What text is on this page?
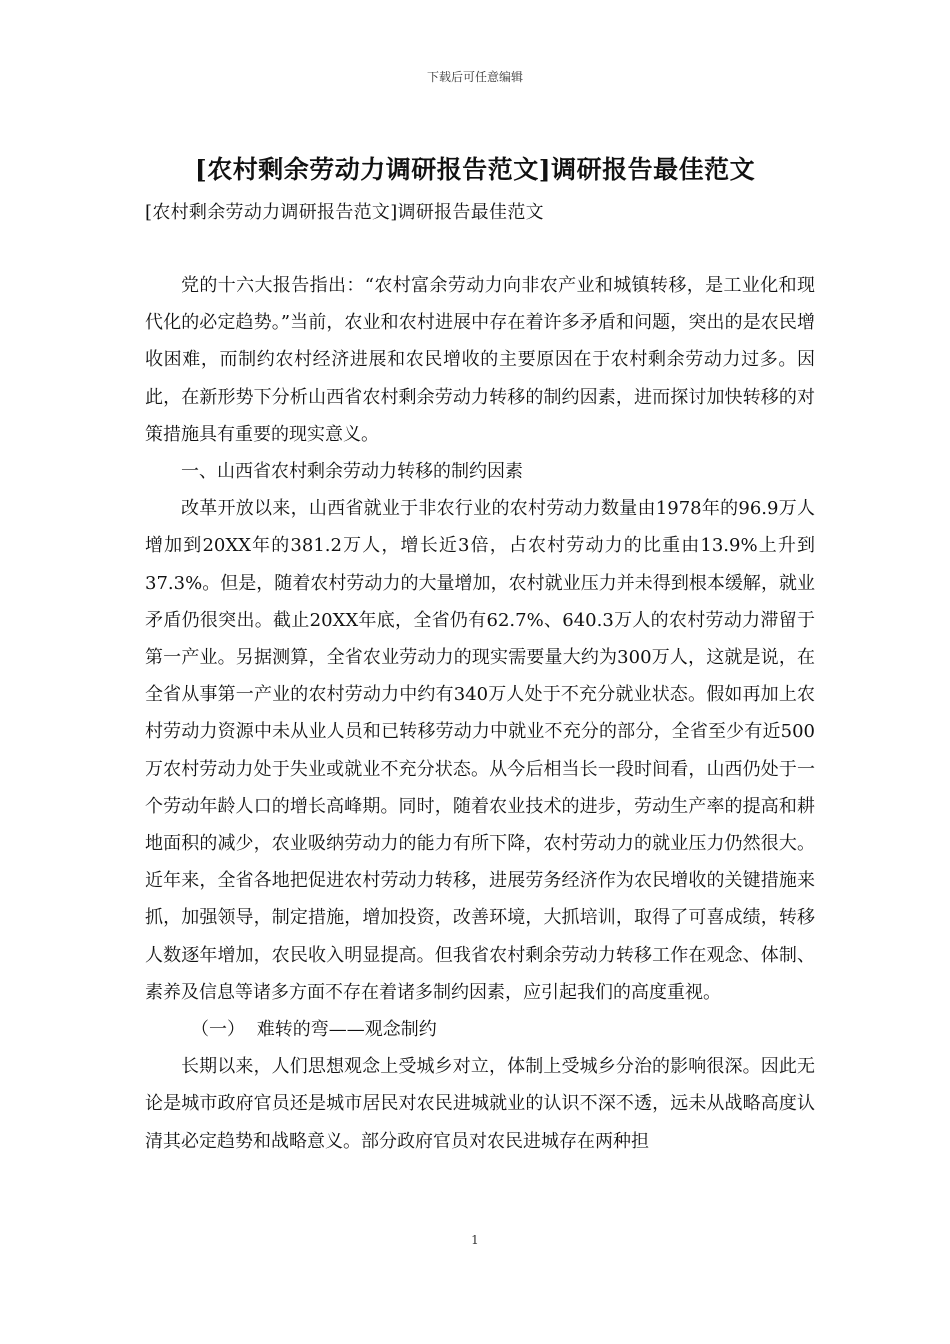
下载后可任意编辑
[农村剩余劳动力调研报告范文]调研报告最佳范文
[农村剩余劳动力调研报告范文]调研报告最佳范文

党的十六大报告指出：“农村富余劳动力向非农产业和城镇转移，是工业化和现代化的必定趋势。”当前，农业和农村进展中存在着许多矛盾和问题，突出的是农民增收困难，而制约农村经济进展和农民增收的主要原因在于农村剩余劳动力过多。因此，在新形势下分析山西省农村剩余劳动力转移的制约因素，进而探讨加快转移的对策措施具有重要的现实意义。

一、山西省农村剩余劳动力转移的制约因素

改革开放以来，山西省就业于非农行业的农村劳动力数量由1978年的96.9万人增加到20XX年的381.2万人，增长近3倍，占农村劳动力的比重由13.9%上升到37.3%。但是，随着农村劳动力的大量增加，农村就业压力并未得到根本缓解，就业矛盾仍很突出。截止20XX年底，全省仍有62.7%、640.3万人的农村劳动力滞留于第一产业。另据测算，全省农业劳动力的现实需要量大约为300万人，这就是说，在全省从事第一产业的农村劳动力中约有340万人处于不充分就业状态。假如再加上农村劳动力资源中未从业人员和已转移劳动力中就业不充分的部分，全省至少有近500万农村劳动力处于失业或就业不充分状态。从今后相当长一段时间看，山西仍处于一个劳动年龄人口的增长高峰期。同时，随着农业技术的进步，劳动生产率的提高和耕地面积的减少，农业吸纳劳动力的能力有所下降，农村劳动力的就业压力仍然很大。近年来，全省各地把促进农村劳动力转移，进展劳务经济作为农民增收的关键措施来抓，加强领导，制定措施，增加投资，改善环境，大抓培训，取得了可喜成绩，转移人数逐年增加，农民收入明显提高。但我省农村剩余劳动力转移工作在观念、体制、素养及信息等诸多方面不存在着诸多制约因素，应引起我们的高度重视。

（一） 难转的弯——观念制约

长期以来，人们思想观念上受城乡对立，体制上受城乡分治的影响很深。因此无论是城市政府官员还是城市居民对农民进城就业的认识不深不透，远未从战略高度认清其必定趋势和战略意义。部分政府官员对农民进城存在两种担

1
